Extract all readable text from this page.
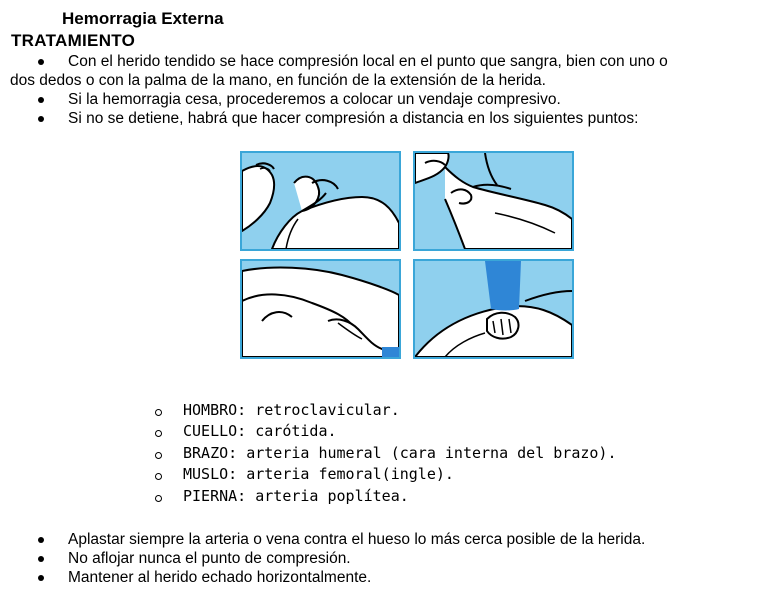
Hemorragia Externa
TRATAMIENTO
Con el herido tendido se hace compresión local en el punto que sangra, bien con uno o
dos dedos o con la palma de la mano, en función de la extensión de la herida.
Si la hemorragia cesa, procederemos a colocar un vendaje compresivo.
Si no se detiene, habrá que hacer compresión a distancia en los siguientes puntos:
HOMBRO: retroclavicular.
CUELLO: carótida.
BRAZO: arteria humeral (cara interna del brazo).
MUSLO: arteria femoral(ingle).
PIERNA: arteria poplítea.
Aplastar siempre la arteria o vena contra el hueso lo más cerca posible de la herida.
No aflojar nunca el punto de compresión.
Mantener al herido echado horizontalmente.
